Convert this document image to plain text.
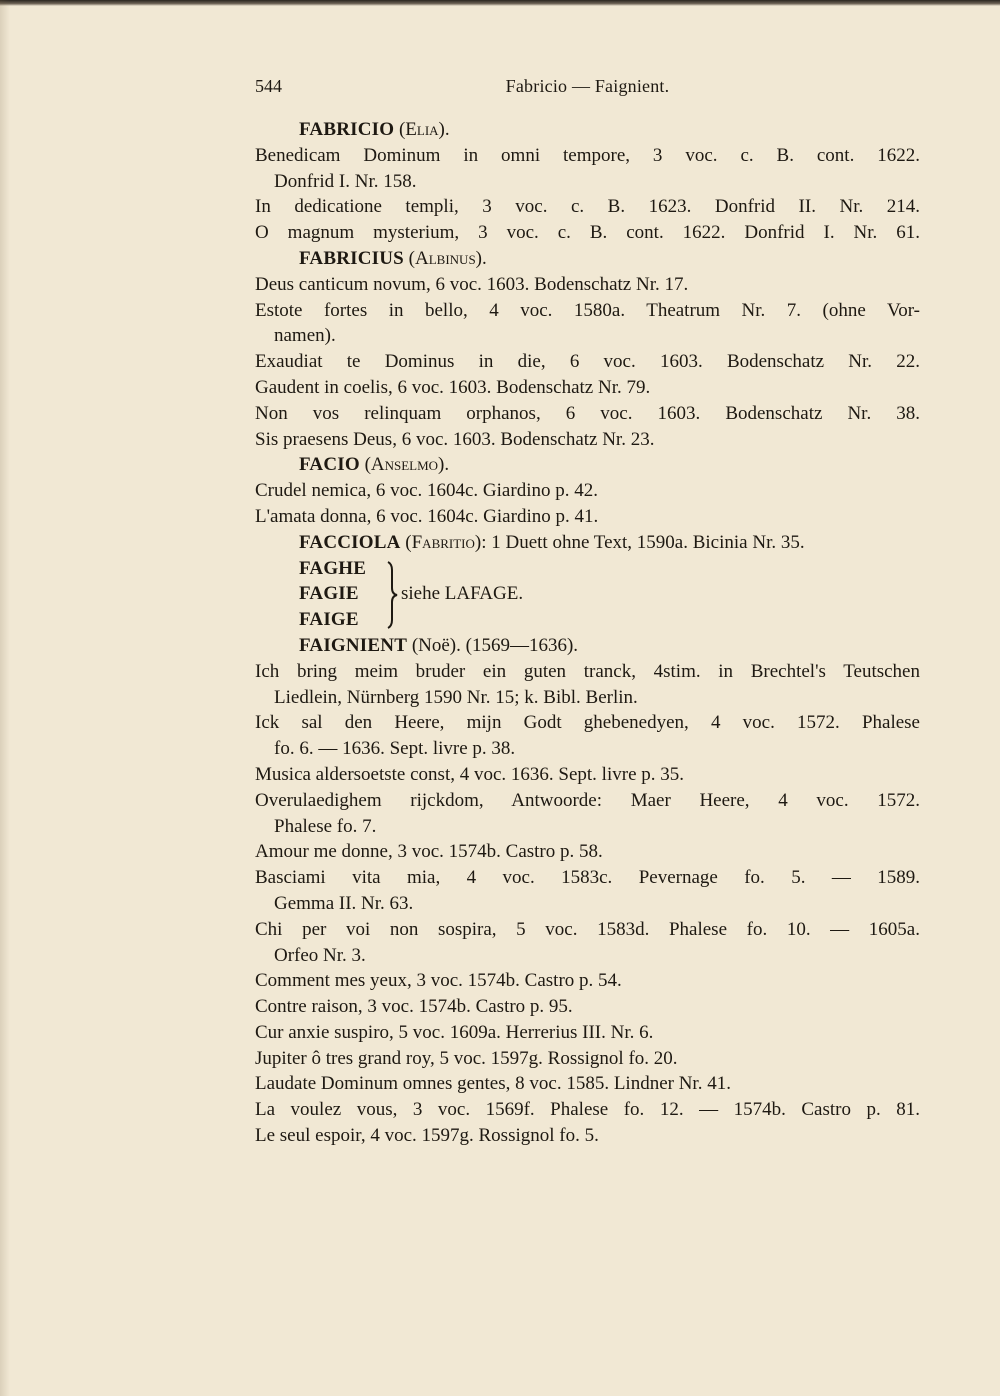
544	Fabricio — Faignient.
FABRICIO (Elia).
Benedicam Dominum in omni tempore, 3 voc. c. B. cont. 1622.
Donfrid I. Nr. 158.
In dedicatione templi, 3 voc. c. B. 1623. Donfrid II. Nr. 214.
O magnum mysterium, 3 voc. c. B. cont. 1622. Donfrid I. Nr. 61.
FABRICIUS (Albinus).
Deus canticum novum, 6 voc. 1603. Bodenschatz Nr. 17.
Estote fortes in bello, 4 voc. 1580a. Theatrum Nr. 7. (ohne Vor-
namen).
Exaudiat te Dominus in die, 6 voc. 1603. Bodenschatz Nr. 22.
Gaudent in coelis, 6 voc. 1603. Bodenschatz Nr. 79.
Non vos relinquam orphanos, 6 voc. 1603. Bodenschatz Nr. 38.
Sis praesens Deus, 6 voc. 1603. Bodenschatz Nr. 23.
FACIO (Anselmo).
Crudel nemica, 6 voc. 1604c. Giardino p. 42.
L'amata donna, 6 voc. 1604c. Giardino p. 41.
FACCIOLA (Fabritio): 1 Duett ohne Text, 1590a. Bicinia Nr. 35.
FAGHE
FAGIE
FAIGE
siehe LAFAGE.
FAIGNIENT (Noë). (1569—1636).
Ich bring meim bruder ein guten tranck, 4stim. in Brechtel's Teutschen
Liedlein, Nürnberg 1590 Nr. 15; k. Bibl. Berlin.
Ick sal den Heere, mijn Godt ghebenedyen, 4 voc. 1572. Phalese
fo. 6. — 1636. Sept. livre p. 38.
Musica aldersoetste const, 4 voc. 1636. Sept. livre p. 35.
Overulaedighem rijckdom, Antwoorde: Maer Heere, 4 voc. 1572.
Phalese fo. 7.
Amour me donne, 3 voc. 1574b. Castro p. 58.
Basciami vita mia, 4 voc. 1583c. Pevernage fo. 5. — 1589.
Gemma II. Nr. 63.
Chi per voi non sospira, 5 voc. 1583d. Phalese fo. 10. — 1605a.
Orfeo Nr. 3.
Comment mes yeux, 3 voc. 1574b. Castro p. 54.
Contre raison, 3 voc. 1574b. Castro p. 95.
Cur anxie suspiro, 5 voc. 1609a. Herrerius III. Nr. 6.
Jupiter ô tres grand roy, 5 voc. 1597g. Rossignol fo. 20.
Laudate Dominum omnes gentes, 8 voc. 1585. Lindner Nr. 41.
La voulez vous, 3 voc. 1569f. Phalese fo. 12. — 1574b. Castro p. 81.
Le seul espoir, 4 voc. 1597g. Rossignol fo. 5.
